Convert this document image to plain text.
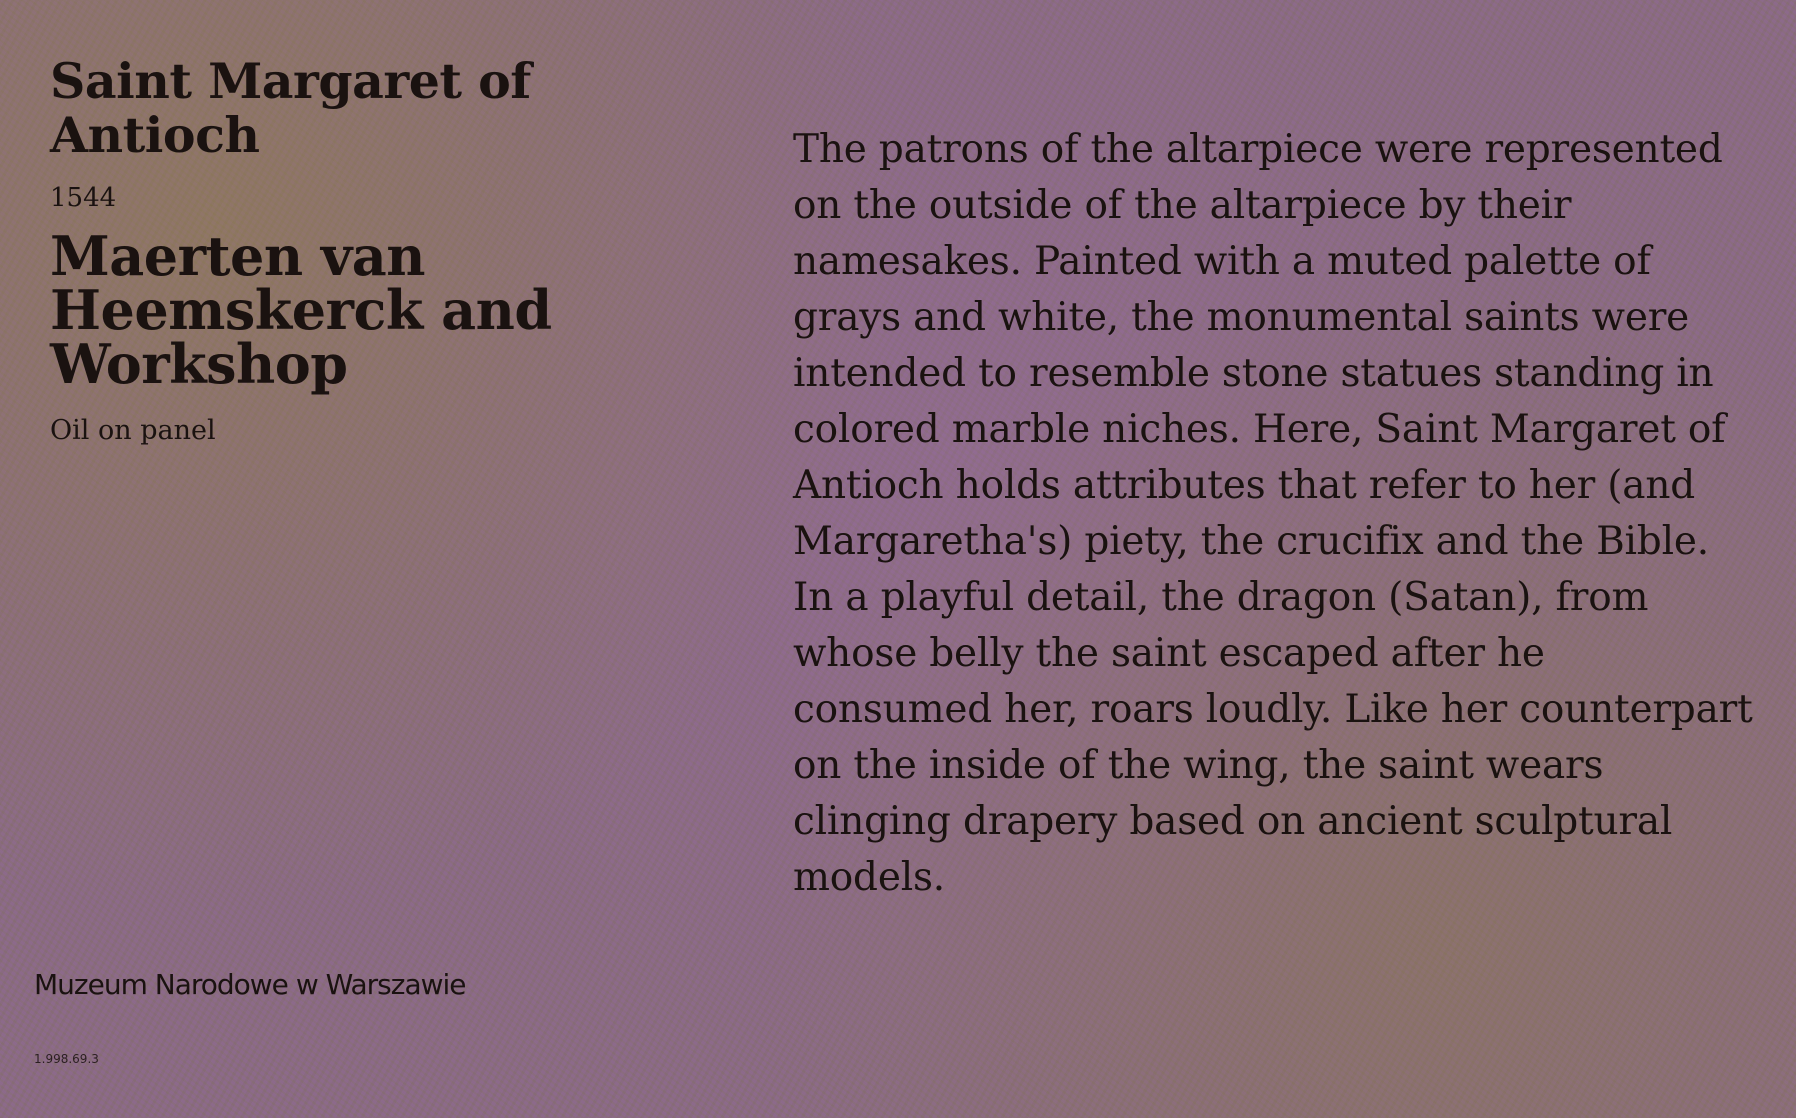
Saint Margaret of Antioch
1544
Maerten van Heemskerck and Workshop
Oil on panel

The patrons of the altarpiece were represented on the outside of the altarpiece by their namesakes. Painted with a muted palette of grays and white, the monumental saints were intended to resemble stone statues standing in colored marble niches. Here, Saint Margaret of Antioch holds attributes that refer to her (and Margaretha's) piety, the crucifix and the Bible. In a playful detail, the dragon (Satan), from whose belly the saint escaped after he consumed her, roars loudly. Like her counterpart on the inside of the wing, the saint wears clinging drapery based on ancient sculptural models.

Muzeum Narodowe w Warszawie
1.998.69.3
